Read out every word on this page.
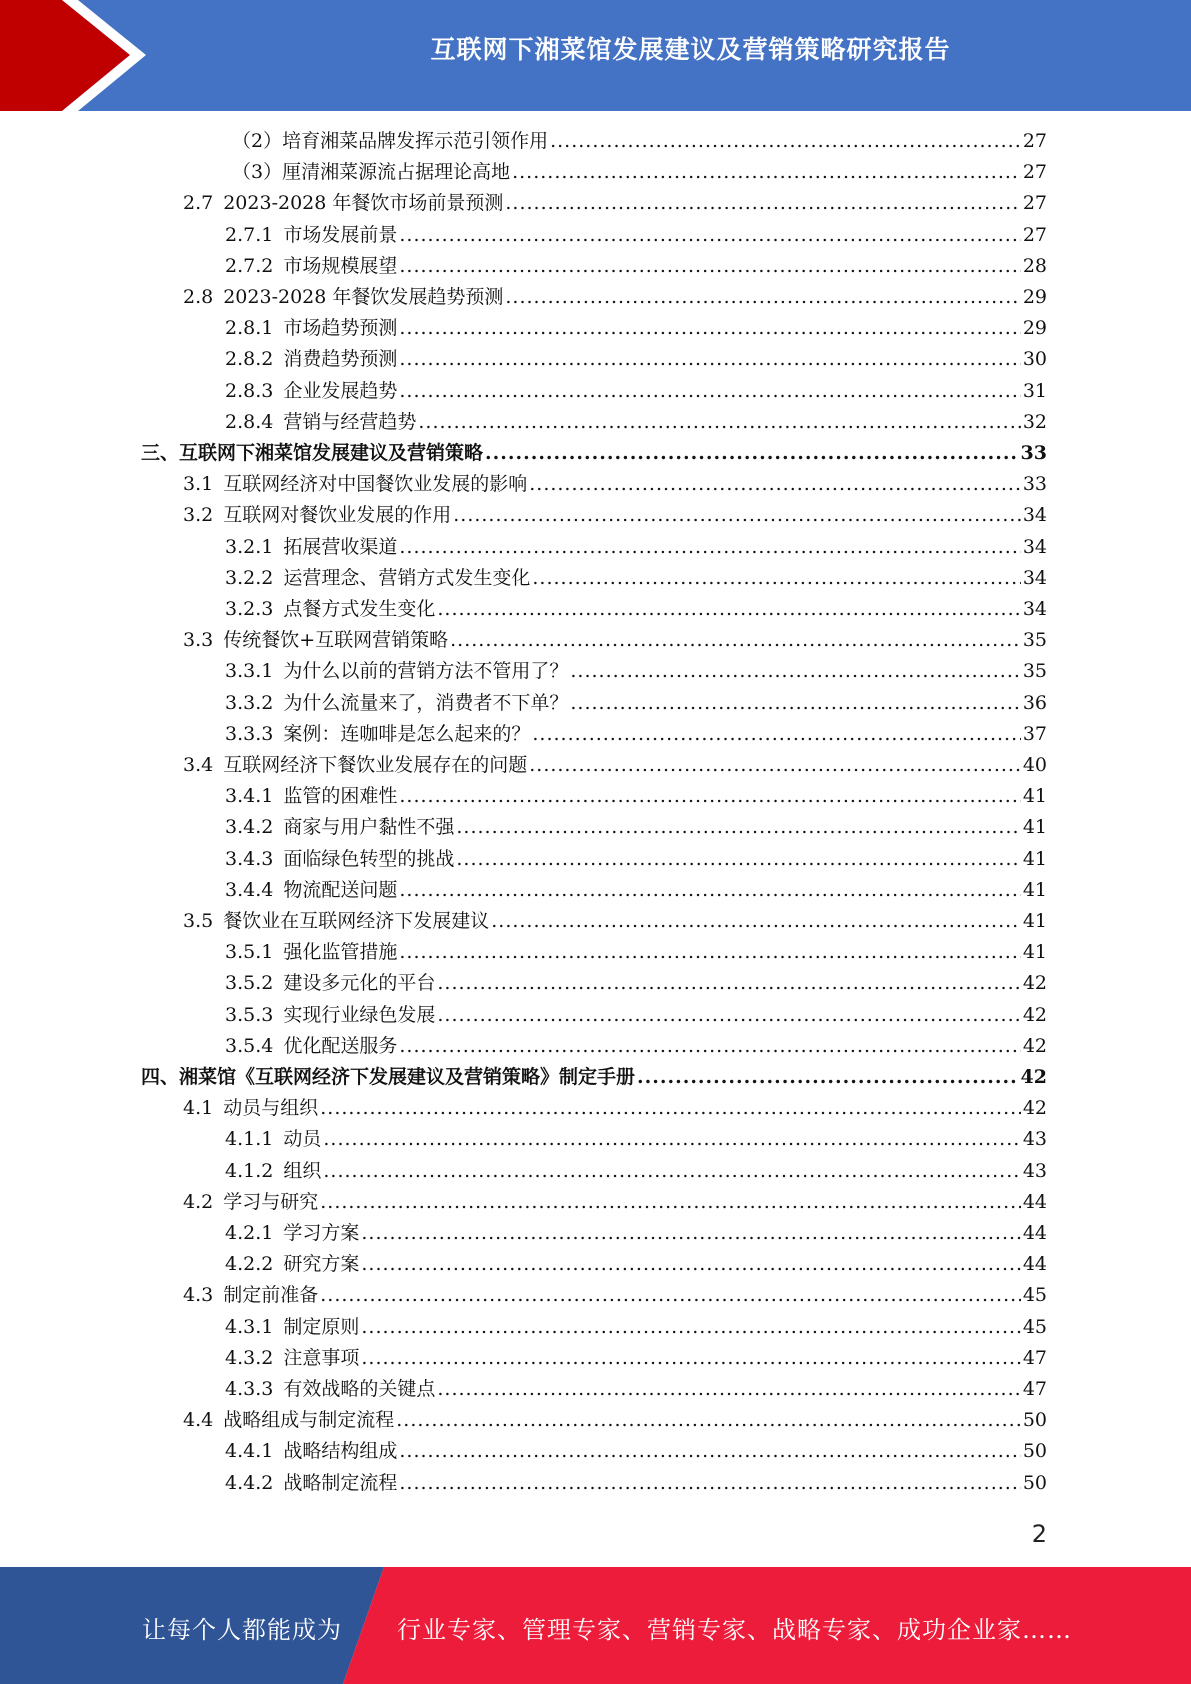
互联网下湘菜馆发展建议及营销策略研究报告
（2）培育湘菜品牌发挥示范引领作用 .....	27
（3）厘清湘菜源流占据理论高地 .....	27
2.7 2023-2028 年餐饮市场前景预测 .....	27
2.7.1 市场发展前景 .....	27
2.7.2 市场规模展望 .....	28
2.8 2023-2028 年餐饮发展趋势预测 .....	29
2.8.1 市场趋势预测 .....	29
2.8.2 消费趋势预测 .....	30
2.8.3 企业发展趋势 .....	31
2.8.4 营销与经营趋势 .....	32
三、互联网下湘菜馆发展建议及营销策略 .....	33
3.1 互联网经济对中国餐饮业发展的影响 .....	33
3.2 互联网对餐饮业发展的作用 .....	34
3.2.1 拓展营收渠道 .....	34
3.2.2 运营理念、营销方式发生变化 .....	34
3.2.3 点餐方式发生变化 .....	34
3.3 传统餐饮+互联网营销策略 .....	35
3.3.1 为什么以前的营销方法不管用了？ .....	35
3.3.2 为什么流量来了，消费者不下单？ .....	36
3.3.3 案例：连咖啡是怎么起来的？ .....	37
3.4 互联网经济下餐饮业发展存在的问题 .....	40
3.4.1 监管的困难性 .....	41
3.4.2 商家与用户黏性不强 .....	41
3.4.3 面临绿色转型的挑战 .....	41
3.4.4 物流配送问题 .....	41
3.5 餐饮业在互联网经济下发展建议 .....	41
3.5.1 强化监管措施 .....	41
3.5.2 建设多元化的平台 .....	42
3.5.3 实现行业绿色发展 .....	42
3.5.4 优化配送服务 .....	42
四、湘菜馆《互联网经济下发展建议及营销策略》制定手册 .....	42
4.1 动员与组织 .....	42
4.1.1 动员 .....	43
4.1.2 组织 .....	43
4.2 学习与研究 .....	44
4.2.1 学习方案 .....	44
4.2.2 研究方案 .....	44
4.3 制定前准备 .....	45
4.3.1 制定原则 .....	45
4.3.2 注意事项 .....	47
4.3.3 有效战略的关键点 .....	47
4.4 战略组成与制定流程 .....	50
4.4.1 战略结构组成 .....	50
4.4.2 战略制定流程 .....	50
2
让每个人都能成为 行业专家、管理专家、营销专家、战略专家、成功企业家……
